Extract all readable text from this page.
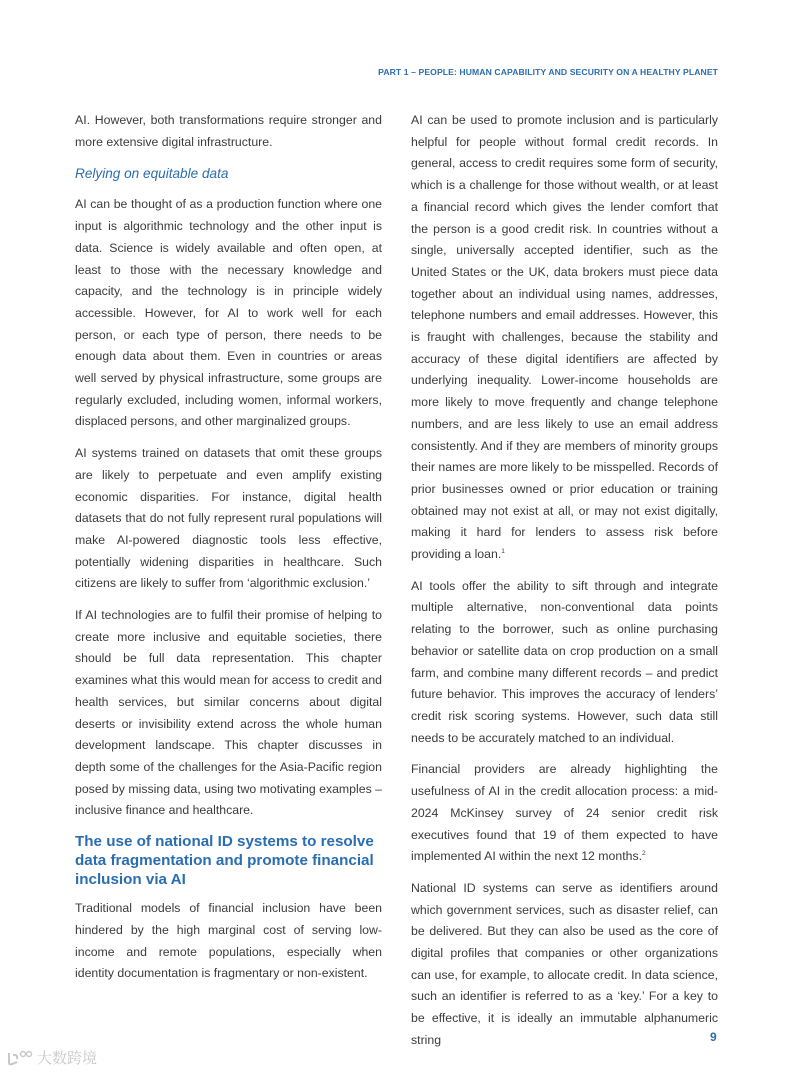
PART 1 – PEOPLE: HUMAN CAPABILITY AND SECURITY ON A HEALTHY PLANET

AI. However, both transformations require stronger and more extensive digital infrastructure.

Relying on equitable data

AI can be thought of as a production function where one input is algorithmic technology and the other input is data. Science is widely available and often open, at least to those with the necessary knowledge and capacity, and the technology is in principle widely accessible. However, for AI to work well for each person, or each type of person, there needs to be enough data about them. Even in countries or areas well served by physical infrastructure, some groups are regularly excluded, including women, informal workers, displaced persons, and other marginalized groups.

AI systems trained on datasets that omit these groups are likely to perpetuate and even amplify existing economic disparities. For instance, digital health datasets that do not fully represent rural populations will make AI-powered diagnostic tools less effective, potentially widening disparities in healthcare. Such citizens are likely to suffer from ‘algorithmic exclusion.’

If AI technologies are to fulfil their promise of helping to create more inclusive and equitable societies, there should be full data representation. This chapter examines what this would mean for access to credit and health services, but similar concerns about digital deserts or invisibility extend across the whole human development landscape. This chapter discusses in depth some of the challenges for the Asia-Pacific region posed by missing data, using two motivating examples – inclusive finance and healthcare.

The use of national ID systems to resolve data fragmentation and promote financial inclusion via AI

Traditional models of financial inclusion have been hindered by the high marginal cost of serving low-income and remote populations, especially when identity documentation is fragmentary or non-existent.

AI can be used to promote inclusion and is particularly helpful for people without formal credit records. In general, access to credit requires some form of security, which is a challenge for those without wealth, or at least a financial record which gives the lender comfort that the person is a good credit risk. In countries without a single, universally accepted identifier, such as the United States or the UK, data brokers must piece data together about an individual using names, addresses, telephone numbers and email addresses. However, this is fraught with challenges, because the stability and accuracy of these digital identifiers are affected by underlying inequality. Lower-income households are more likely to move frequently and change telephone numbers, and are less likely to use an email address consistently. And if they are members of minority groups their names are more likely to be misspelled. Records of prior businesses owned or prior education or training obtained may not exist at all, or may not exist digitally, making it hard for lenders to assess risk before providing a loan.$^1$

AI tools offer the ability to sift through and integrate multiple alternative, non-conventional data points relating to the borrower, such as online purchasing behavior or satellite data on crop production on a small farm, and combine many different records – and predict future behavior. This improves the accuracy of lenders’ credit risk scoring systems. However, such data still needs to be accurately matched to an individual.

Financial providers are already highlighting the usefulness of AI in the credit allocation process: a mid-2024 McKinsey survey of 24 senior credit risk executives found that 19 of them expected to have implemented AI within the next 12 months.$^2$

National ID systems can serve as identifiers around which government services, such as disaster relief, can be delivered. But they can also be used as the core of digital profiles that companies or other organizations can use, for example, to allocate credit. In data science, such an identifier is referred to as a ‘key.’ For a key to be effective, it is ideally an immutable alphanumeric string	9
大数跨境
